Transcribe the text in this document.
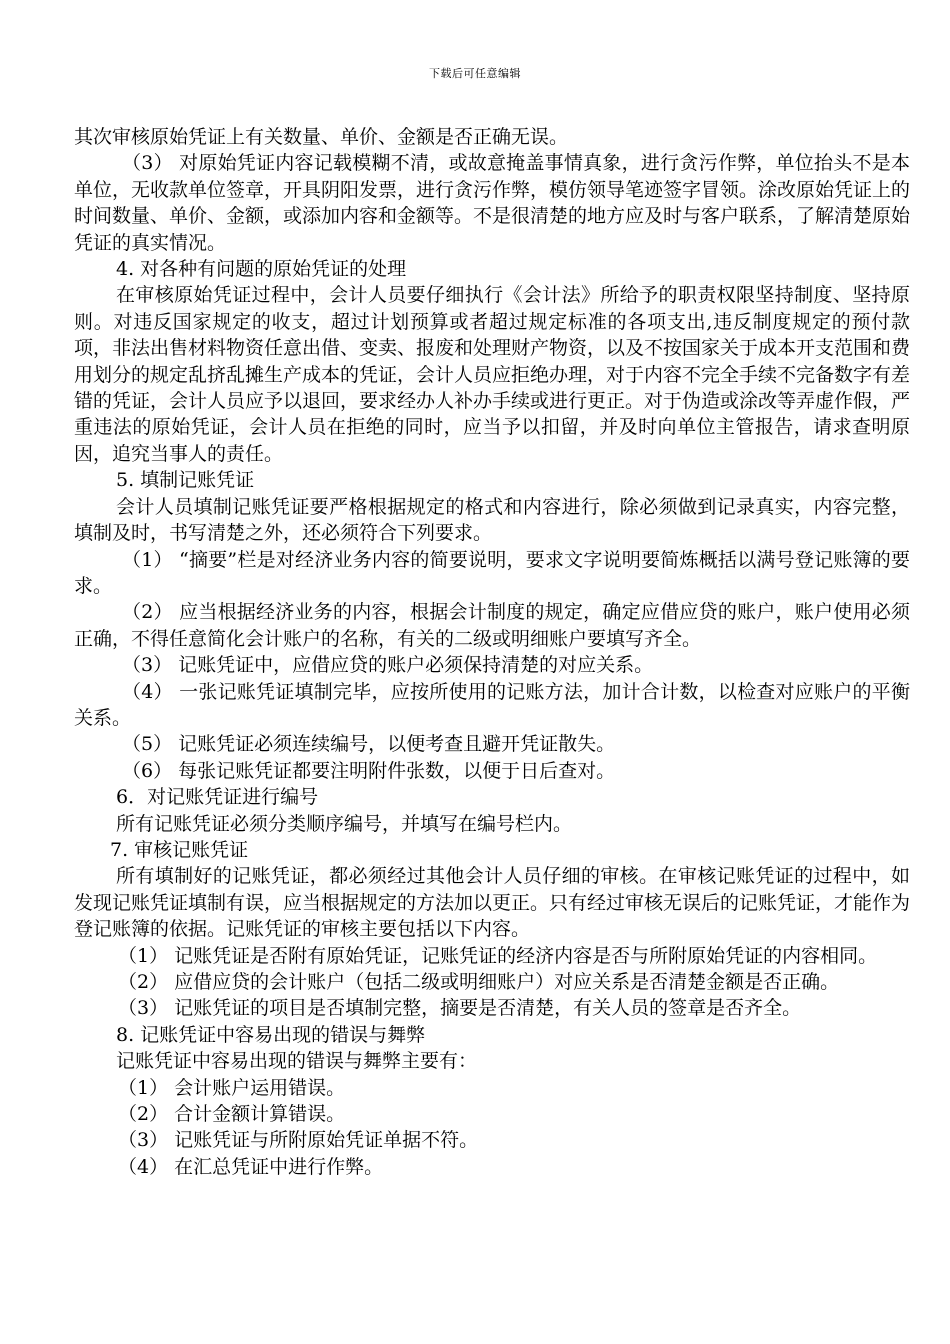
下载后可任意编辑

其次审核原始凭证上有关数量、单价、金额是否正确无误。

（3） 对原始凭证内容记载模糊不清，或故意掩盖事情真象，进行贪污作弊，单位抬头不是本单位，无收款单位签章，开具阴阳发票，进行贪污作弊，模仿领导笔迹签字冒领。涂改原始凭证上的时间数量、单价、金额，或添加内容和金额等。不是很清楚的地方应及时与客户联系，了解清楚原始凭证的真实情况。

4. 对各种有问题的原始凭证的处理

在审核原始凭证过程中，会计人员要仔细执行《会计法》所给予的职责权限坚持制度、坚持原则。对违反国家规定的收支，超过计划预算或者超过规定标准的各项支出,违反制度规定的预付款项，非法出售材料物资任意出借、变卖、报废和处理财产物资，以及不按国家关于成本开支范围和费用划分的规定乱挤乱摊生产成本的凭证，会计人员应拒绝办理，对于内容不完全手续不完备数字有差错的凭证，会计人员应予以退回，要求经办人补办手续或进行更正。对于伪造或涂改等弄虚作假，严重违法的原始凭证，会计人员在拒绝的同时，应当予以扣留，并及时向单位主管报告，请求查明原因，追究当事人的责任。

5. 填制记账凭证

会计人员填制记账凭证要严格根据规定的格式和内容进行，除必须做到记录真实，内容完整，填制及时，书写清楚之外，还必须符合下列要求。

（1） “摘要”栏是对经济业务内容的简要说明，要求文字说明要简炼概括以满号登记账簿的要求。

（2） 应当根据经济业务的内容，根据会计制度的规定，确定应借应贷的账户，账户使用必须正确，不得任意简化会计账户的名称，有关的二级或明细账户要填写齐全。

（3） 记账凭证中，应借应贷的账户必须保持清楚的对应关系。

（4） 一张记账凭证填制完毕，应按所使用的记账方法，加计合计数，以检查对应账户的平衡关系。

（5） 记账凭证必须连续编号，以便考查且避开凭证散失。

（6） 每张记账凭证都要注明附件张数，以便于日后查对。

6．对记账凭证进行编号

所有记账凭证必须分类顺序编号，并填写在编号栏内。

7. 审核记账凭证

所有填制好的记账凭证，都必须经过其他会计人员仔细的审核。在审核记账凭证的过程中，如发现记账凭证填制有误，应当根据规定的方法加以更正。只有经过审核无误后的记账凭证，才能作为登记账簿的依据。记账凭证的审核主要包括以下内容。

（1） 记账凭证是否附有原始凭证，记账凭证的经济内容是否与所附原始凭证的内容相同。

（2） 应借应贷的会计账户（包括二级或明细账户）对应关系是否清楚金额是否正确。

（3） 记账凭证的项目是否填制完整，摘要是否清楚，有关人员的签章是否齐全。

8. 记账凭证中容易出现的错误与舞弊

记账凭证中容易出现的错误与舞弊主要有：

（1） 会计账户运用错误。

（2） 合计金额计算错误。

（3） 记账凭证与所附原始凭证单据不符。

（4） 在汇总凭证中进行作弊。
